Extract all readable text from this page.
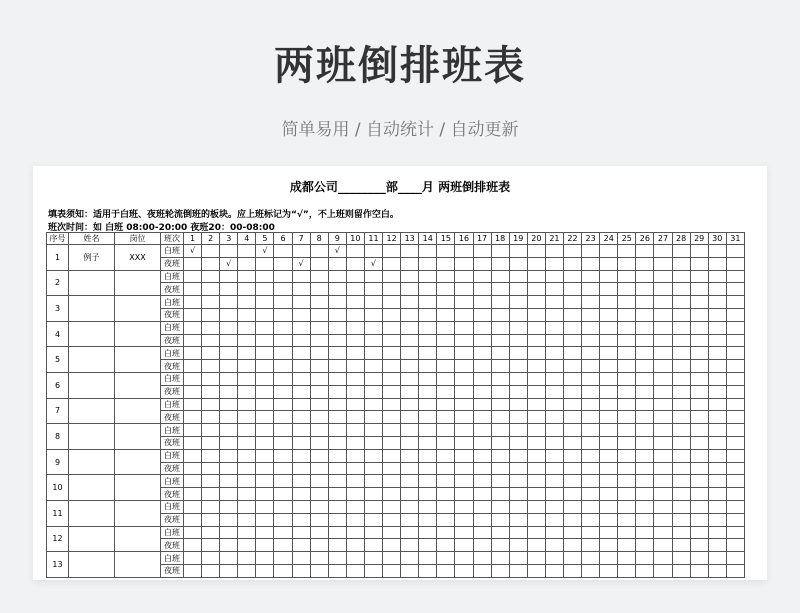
两班倒排班表
简单易用 / 自动统计 / 自动更新
成都公司________部____月 两班倒排班表
填表须知：适用于白班、夜班轮流倒班的板块。应上班标记为“√”，不上班则留作空白。
班次时间：如 白班 08:00-20:00 夜班20：00-08:00
序号	姓名	岗位	班次	1	2	3	4	5	6	7	8	9	10	11	12	13	14	15	16	17	18	19	20	21	22	23	24	25	26	27	28	29	30	31
1	例子	XXX	白班	√				√				√																						
			夜班			√				√				√																				
2			白班																															
			夜班																															
3			白班																															
			夜班																															
4			白班																															
			夜班																															
5			白班																															
			夜班																															
6			白班																															
			夜班																															
7			白班																															
			夜班																															
8			白班																															
			夜班																															
9			白班																															
			夜班																															
10			白班																															
			夜班																															
11			白班																															
			夜班																															
12			白班																															
			夜班																															
13			白班																															
			夜班																															
